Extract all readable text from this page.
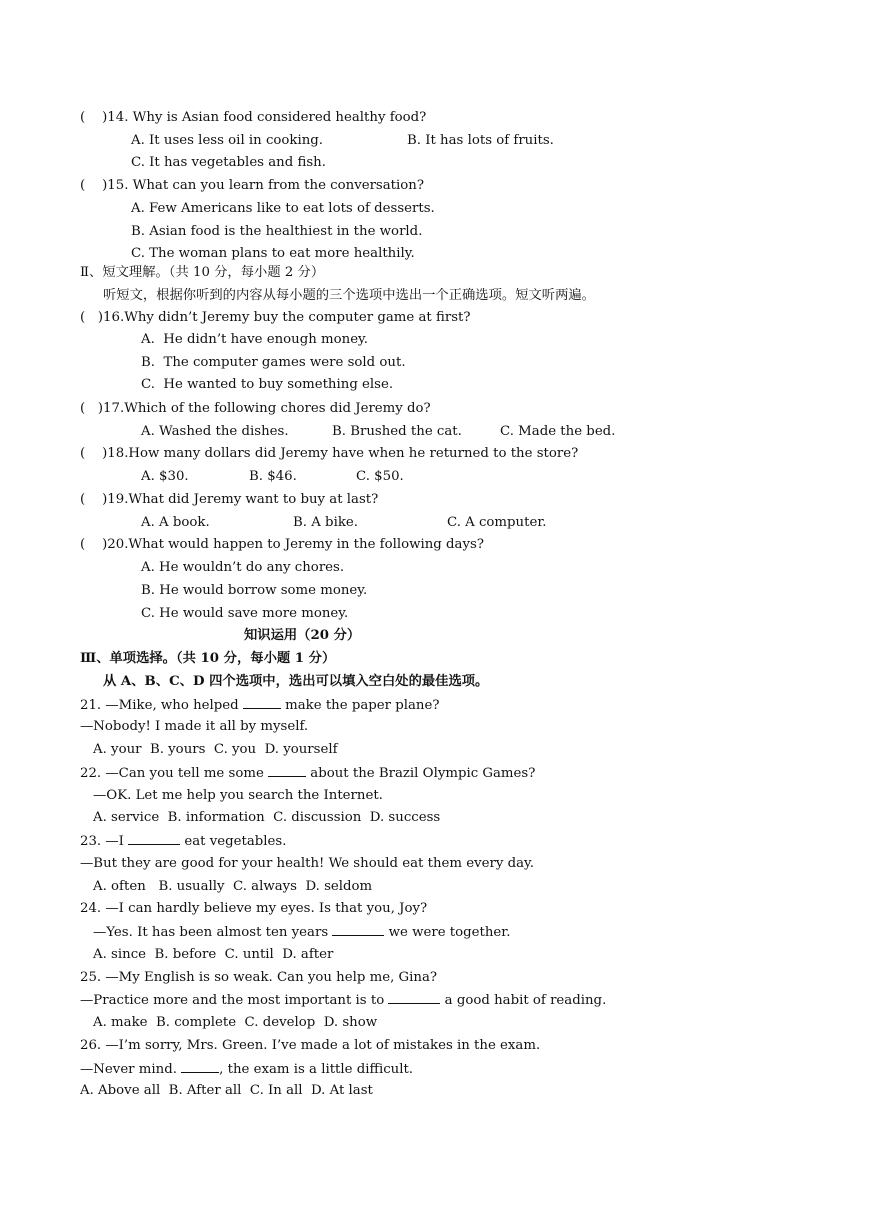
(    )14. Why is Asian food considered healthy food?
A. It uses less oil in cooking.	B. It has lots of fruits.
C. It has vegetables and fish.
(    )15. What can you learn from the conversation?
A. Few Americans like to eat lots of desserts.
B. Asian food is the healthiest in the world.
C. The woman plans to eat more healthily.
Ⅱ、短文理解。（共 10 分，每小题 2 分）
听短文，根据你听到的内容从每小题的三个选项中选出一个正确选项。短文听两遍。
(   )16.Why didn’t Jeremy buy the computer game at first?
A.  He didn’t have enough money.
B.  The computer games were sold out.
C.  He wanted to buy something else.
(   )17.Which of the following chores did Jeremy do?
A. Washed the dishes.	B. Brushed the cat.	C. Made the bed.
(    )18.How many dollars did Jeremy have when he returned to the store?
A. $30.	B. $46.	C. $50.
(    )19.What did Jeremy want to buy at last?
A. A book.	B. A bike.	C. A computer.
(    )20.What would happen to Jeremy in the following days?
A. He wouldn’t do any chores.
B. He would borrow some money.
C. He would save more money.
知识运用（20 分）
Ⅲ、单项选择。（共 10 分，每小题 1 分）
从 A、B、C、D 四个选项中，选出可以填入空白处的最佳选项。
21. —Mike, who helped	make the paper plane?
—Nobody! I made it all by myself.
A. your  B. yours  C. you  D. yourself
22. —Can you tell me some	about the Brazil Olympic Games?
—OK. Let me help you search the Internet.
A. service  B. information  C. discussion  D. success
23. —I	eat vegetables.
—But they are good for your health! We should eat them every day.
A. often   B. usually  C. always  D. seldom
24. —I can hardly believe my eyes. Is that you, Joy?
—Yes. It has been almost ten years	we were together.
A. since  B. before  C. until  D. after
25. —My English is so weak. Can you help me, Gina?
—Practice more and the most important is to	a good habit of reading.
A. make  B. complete  C. develop  D. show
26. —I’m sorry, Mrs. Green. I’ve made a lot of mistakes in the exam.
—Never mind.	, the exam is a little difficult.
A. Above all  B. After all  C. In all  D. At last
